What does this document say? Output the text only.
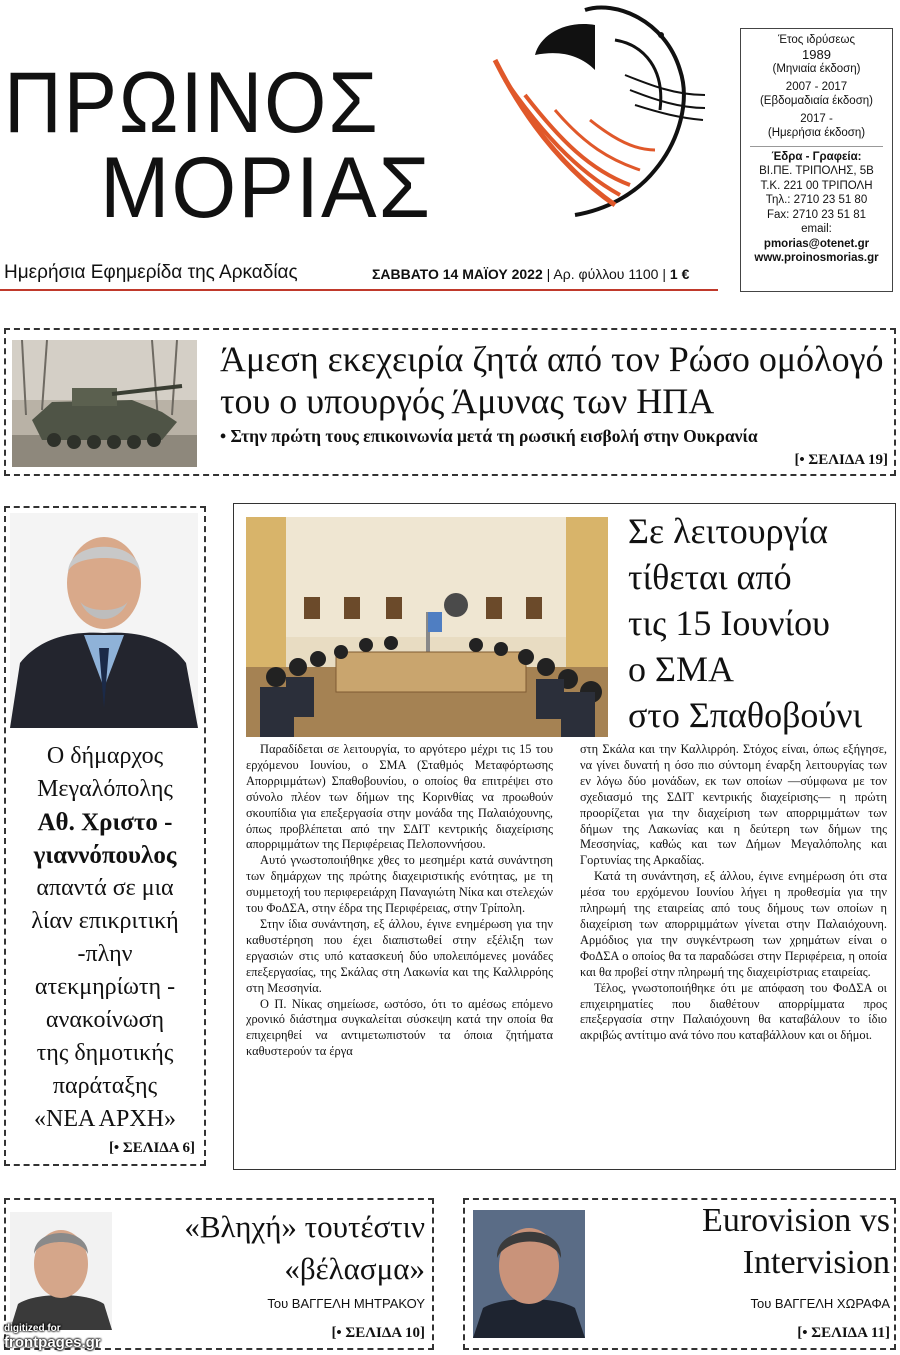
ΠΡΩΙΝΟΣ
ΜΟΡΙΑΣ
Ημερήσια Εφημερίδα της Αρκαδίας	ΣΑΒΒΑΤΟ 14 ΜΑΪΟΥ 2022 | Αρ. φύλλου 1100 | 1 €
Έτος ιδρύσεως
1989
(Μηνιαία έκδοση)
2007 - 2017
(Εβδομαδιαία έκδοση)
2017 -
(Ημερήσια έκδοση)
Έδρα - Γραφεία:
ΒΙ.ΠΕ. ΤΡΙΠΟΛΗΣ, 5Β
Τ.Κ. 221 00 ΤΡΙΠΟΛΗ
Τηλ.: 2710 23 51 80
Fax: 2710 23 51 81
email:
pmorias@otenet.gr
www.proinosmorias.gr
Άμεση εκεχειρία ζητά από τον Ρώσο ομόλογό
του ο υπουργός Άμυνας των ΗΠΑ
• Στην πρώτη τους επικοινωνία μετά τη ρωσική εισβολή στην Ουκρανία
[• ΣΕΛΙΔΑ 19]
Ο δήμαρχος
Μεγαλόπολης
Αθ. Χριστο -
γιαννόπουλος
απαντά σε μια
λίαν επικριτική
-πλην
ατεκμηρίωτη -
ανακοίνωση
της δημοτικής
παράταξης
«ΝΕΑ ΑΡΧΗ»
[• ΣΕΛΙΔΑ 6]
Σε λειτουργία
τίθεται από
τις 15 Ιουνίου
ο ΣΜΑ
στο Σπαθοβούνι

Παραδίδεται σε λειτουργία, το αργότερο μέχρι τις 15 του ερχόμενου Ιουνίου, ο ΣΜΑ (Σταθμός Μεταφόρτωσης Απορριμμάτων) Σπαθοβουνίου, ο οποίος θα επιτρέψει στο σύνολο πλέον των δήμων της Κορινθίας να προωθούν σκουπίδια για επεξεργασία στην μονάδα της Παλαιόχουνης, όπως προβλέπεται από την ΣΔΙΤ κεντρικής διαχείρισης απορριμμάτων της Περιφέρειας Πελοποννήσου.

Αυτό γνωστοποιήθηκε χθες το μεσημέρι κατά συνάντηση των δημάρχων της πρώτης διαχειριστικής ενότητας, με τη συμμετοχή του περιφερειάρχη Παναγιώτη Νίκα και στελεχών του ΦοΔΣΑ, στην έδρα της Περιφέρειας, στην Τρίπολη.

Στην ίδια συνάντηση, εξ άλλου, έγινε ενημέρωση για την καθυστέρηση που έχει διαπιστωθεί στην εξέλιξη των εργασιών στις υπό κατασκευή δύο υπολειπόμενες μονάδες επεξεργασίας, της Σκάλας στη Λακωνία και της Καλλιρρόης στη Μεσσηνία.

Ο Π. Νίκας σημείωσε, ωστόσο, ότι το αμέσως επόμενο χρονικό διάστημα συγκαλείται σύσκεψη κατά την οποία θα επιχειρηθεί να αντιμετωπιστούν τα όποια ζητήματα καθυστερούν τα έργα

στη Σκάλα και την Καλλιρρόη. Στόχος είναι, όπως εξήγησε, να γίνει δυνατή η όσο πιο σύντομη έναρξη λειτουργίας των εν λόγω δύο μονάδων, εκ των οποίων —σύμφωνα με τον σχεδιασμό της ΣΔΙΤ κεντρικής διαχείρισης— η πρώτη προορίζεται για την διαχείριση των απορριμμάτων των δήμων της Λακωνίας και η δεύτερη των δήμων της Μεσσηνίας, καθώς και των Δήμων Μεγαλόπολης και Γορτυνίας της Αρκαδίας.

Κατά τη συνάντηση, εξ άλλου, έγινε ενημέρωση ότι στα μέσα του ερχόμενου Ιουνίου λήγει η προθεσμία για την πληρωμή της εταιρείας από τους δήμους των οποίων η διαχείριση των απορριμμάτων γίνεται στην Παλαιόχουνη. Αρμόδιος για την συγκέντρωση των χρημάτων είναι ο ΦοΔΣΑ ο οποίος θα τα παραδώσει στην Περιφέρεια, η οποία και θα προβεί στην πληρωμή της διαχειρίστριας εταιρείας.

Τέλος, γνωστοποιήθηκε ότι με απόφαση του ΦοΔΣΑ οι επιχειρηματίες που διαθέτουν απορρίμματα προς επεξεργασία στην Παλαιόχουνη θα καταβάλουν το ίδιο ακριβώς αντίτιμο ανά τόνο που καταβάλλουν και οι δήμοι.

«Βληχή» τουτέστιν
«βέλασμα»
Του ΒΑΓΓΕΛΗ ΜΗΤΡΑΚΟΥ
[• ΣΕΛΙΔΑ 10]
Eurovision vs
Intervision
Του ΒΑΓΓΕΛΗ ΧΩΡΑΦΑ
[• ΣΕΛΙΔΑ 11]
digitized for
frontpages.gr
